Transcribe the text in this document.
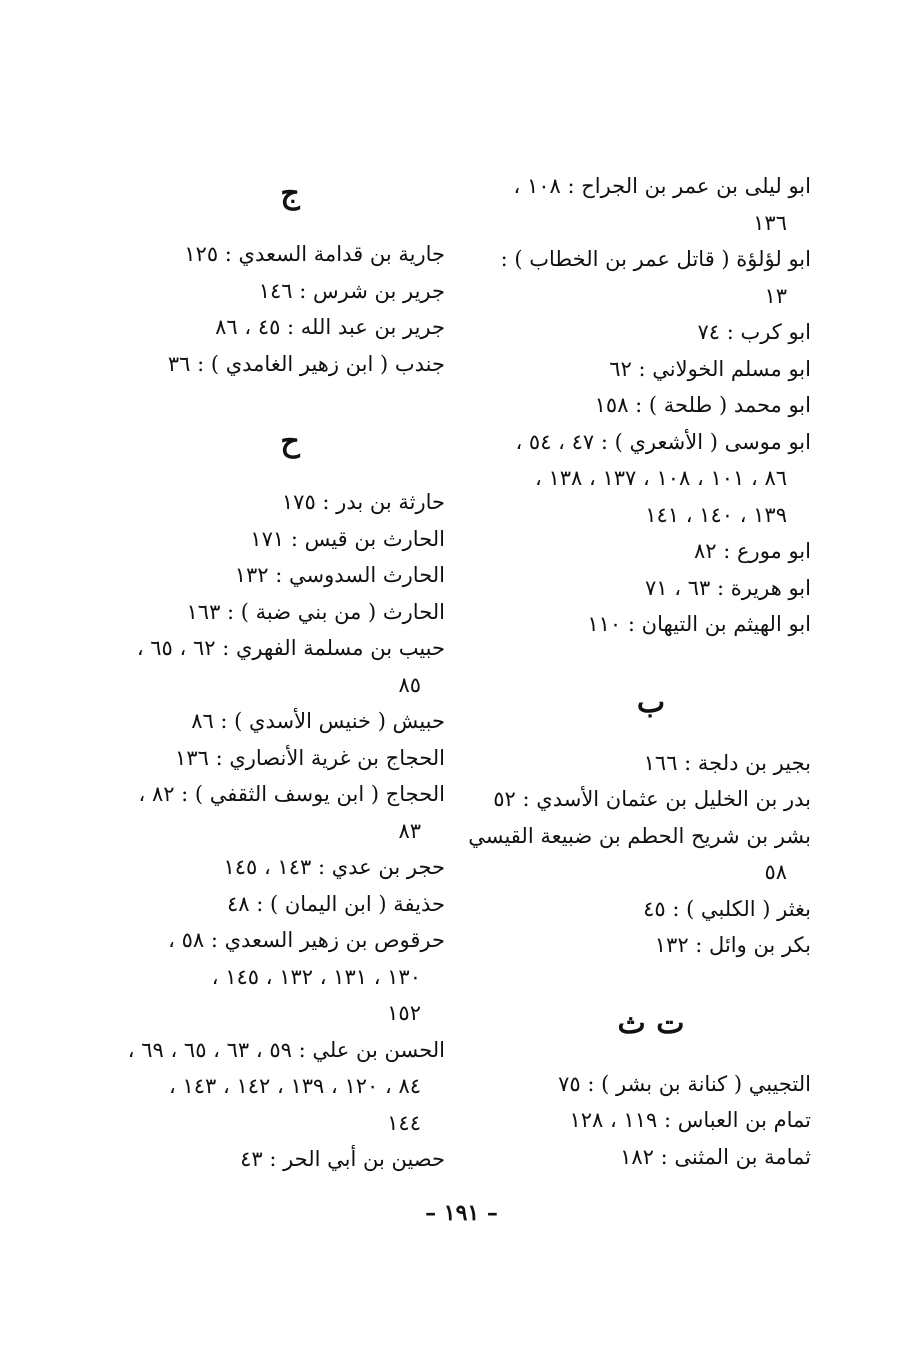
ابو ليلى بن عمر بن الجراح : ١٠٨ ،
١٣٦
ابو لؤلؤة ( قاتل عمر بن الخطاب ) :
١٣
ابو كرب : ٧٤
ابو مسلم الخولاني : ٦٢
ابو محمد ( طلحة ) : ١٥٨
ابو موسى ( الأشعري ) : ٤٧ ، ٥٤ ،
٨٦ ، ١٠١ ، ١٠٨ ، ١٣٧ ، ١٣٨ ،
١٣٩ ، ١٤٠ ، ١٤١
ابو مورع : ٨٢
ابو هريرة : ٦٣ ، ٧١
ابو الهيثم بن التيهان : ١١٠
ب
بجير بن دلجة : ١٦٦
بدر بن الخليل بن عثمان الأسدي : ٥٢
بشر بن شريح الحطم بن ضبيعة القيسي
٥٨
بغثر ( الكلبي ) : ٤٥
بكر بن وائل : ١٣٢
ت ث
التجيبي ( كنانة بن بشر ) : ٧٥
تمام بن العباس : ١١٩ ، ١٢٨
ثمامة بن المثنى : ١٨٢
ج
جارية بن قدامة السعدي : ١٢٥
جرير بن شرس : ١٤٦
جرير بن عبد الله : ٤٥ ، ٨٦
جندب ( ابن زهير الغامدي ) : ٣٦
ح
حارثة بن بدر : ١٧٥
الحارث بن قيس : ١٧١
الحارث السدوسي : ١٣٢
الحارث ( من بني ضبة ) : ١٦٣
حبيب بن مسلمة الفهري : ٦٢ ، ٦٥ ،
٨٥
حبيش ( خنيس الأسدي ) : ٨٦
الحجاج بن غرية الأنصاري : ١٣٦
الحجاج ( ابن يوسف الثقفي ) : ٨٢ ،
٨٣
حجر بن عدي : ١٤٣ ، ١٤٥
حذيفة ( ابن اليمان ) : ٤٨
حرقوص بن زهير السعدي : ٥٨ ،
١٣٠ ، ١٣١ ، ١٣٢ ، ١٤٥ ،
١٥٢
الحسن بن علي : ٥٩ ، ٦٣ ، ٦٥ ، ٦٩ ،
٨٤ ، ١٢٠ ، ١٣٩ ، ١٤٢ ، ١٤٣ ،
١٤٤
حصين بن أبي الحر : ٤٣
– ١٩١ –
